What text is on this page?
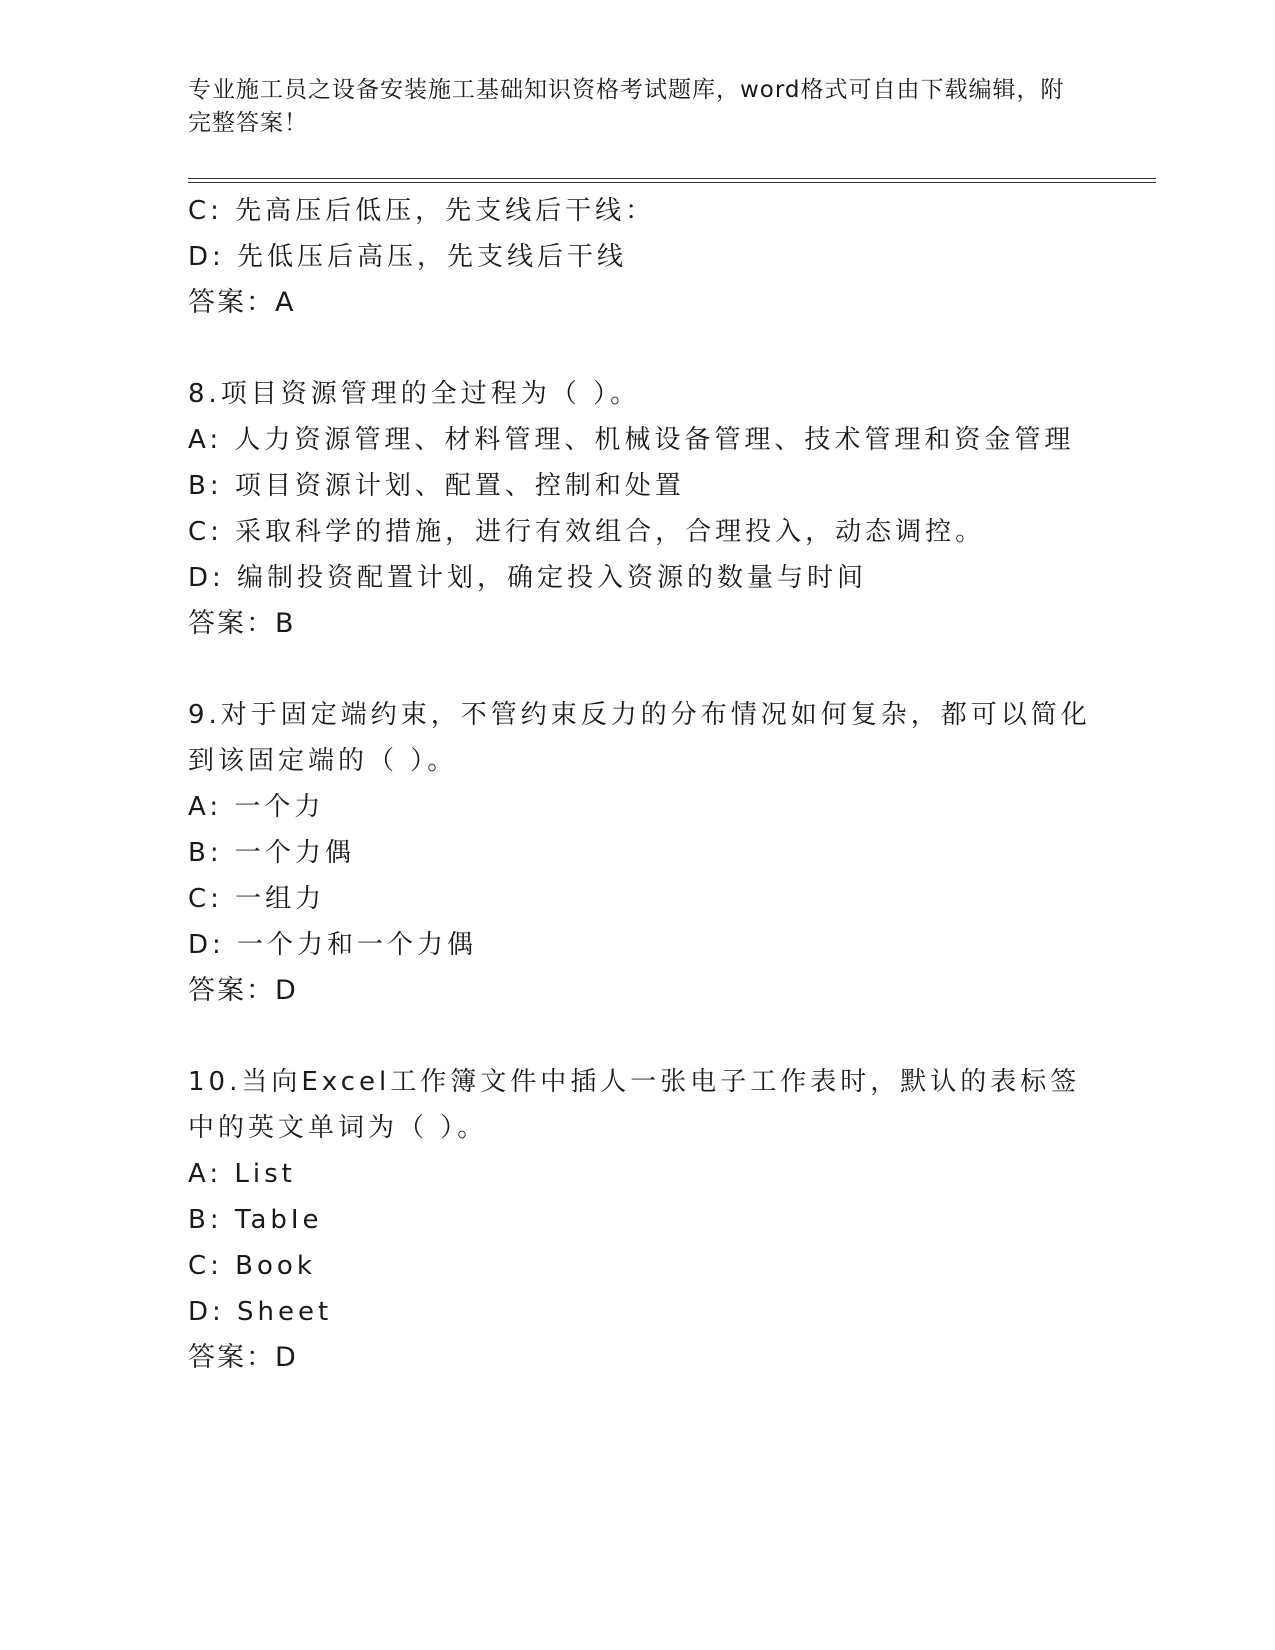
专业施工员之设备安装施工基础知识资格考试题库，word格式可自由下载编辑，附完整答案！
C: 先高压后低压，先支线后干线：
D: 先低压后高压，先支线后干线
答案：A
8.项目资源管理的全过程为（ ）。
A: 人力资源管理、材料管理、机械设备管理、技术管理和资金管理
B: 项目资源计划、配置、控制和处置
C: 采取科学的措施，进行有效组合，合理投入，动态调控。
D: 编制投资配置计划，确定投入资源的数量与时间
答案：B
9.对于固定端约束，不管约束反力的分布情况如何复杂，都可以简化到该固定端的（ ）。
A: 一个力
B: 一个力偶
C: 一组力
D: 一个力和一个力偶
答案：D
10.当向Excel工作簿文件中插人一张电子工作表时，默认的表标签中的英文单词为（ ）。
A: List
B: TabIe
C: Book
D: Sheet
答案：D
